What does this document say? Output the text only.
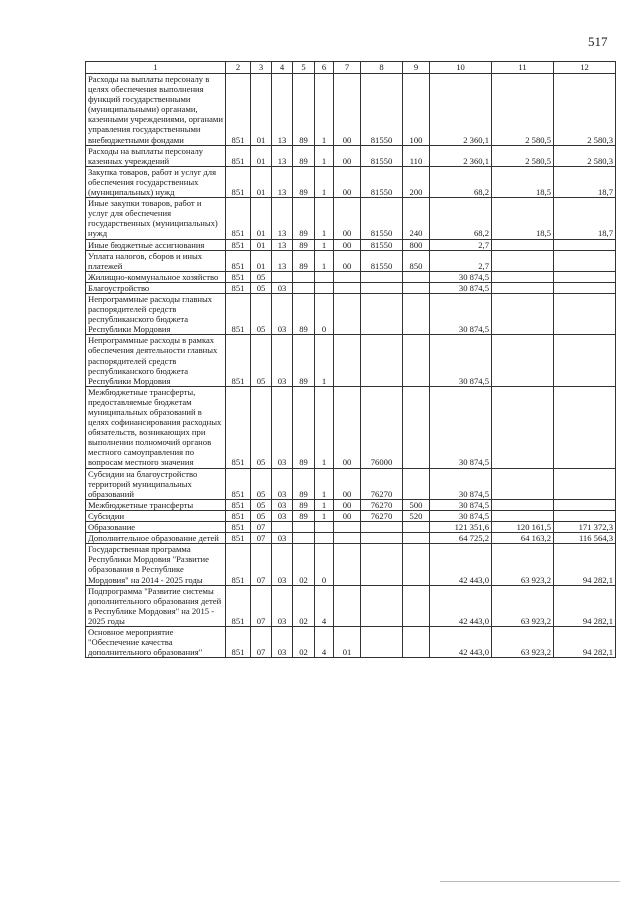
517
1	2	3	4	5	6	7	8	9	10	11	12
Расходы на выплаты персоналу в целях обеспечения выполнения функций государственными (муниципальными) органами, казенными учреждениями, органами управления государственными внебюджетными фондами	851	01	13	89	1	00	81550	100	2 360,1	2 580,5	2 580,3
Расходы на выплаты персоналу казенных учреждений	851	01	13	89	1	00	81550	110	2 360,1	2 580,5	2 580,3
Закупка товаров, работ и услуг для обеспечения государственных (муниципальных) нужд	851	01	13	89	1	00	81550	200	68,2	18,5	18,7
Иные закупки товаров, работ и услуг для обеспечения государственных (муниципальных) нужд	851	01	13	89	1	00	81550	240	68,2	18,5	18,7
Иные бюджетные ассигнования	851	01	13	89	1	00	81550	800	2,7		
Уплата налогов, сборов и иных платежей	851	01	13	89	1	00	81550	850	2,7		
Жилищно-коммунальное хозяйство	851	05							30 874,5		
Благоустройство	851	05	03						30 874,5		
Непрограммные расходы главных распорядителей средств республиканского бюджета Республики Мордовия	851	05	03	89	0				30 874,5		
Непрограммные расходы в рамках обеспечения деятельности главных распорядителей средств республиканского бюджета Республики Мордовия	851	05	03	89	1				30 874,5		
Межбюджетные трансферты, предоставляемые бюджетам муниципальных образований в целях софинансирования расходных обязательств, возникающих при выполнении полномочий органов местного самоуправления по вопросам местного значения	851	05	03	89	1	00	76000		30 874,5		
Субсидии на благоустройство территорий муниципальных образований	851	05	03	89	1	00	76270		30 874,5		
Межбюджетные трансферты	851	05	03	89	1	00	76270	500	30 874,5		
Субсидии	851	05	03	89	1	00	76270	520	30 874,5		
Образование	851	07							121 351,6	120 161,5	171 372,3
Дополнительное образование детей	851	07	03						64 725,2	64 163,2	116 564,3
Государственная программа Республики Мордовия "Развитие образования в Республике Мордовия" на 2014 - 2025 годы	851	07	03	02	0				42 443,0	63 923,2	94 282,1
Подпрограмма "Развитие системы дополнительного образования детей в Республике Мордовия" на 2015 - 2025 годы	851	07	03	02	4				42 443,0	63 923,2	94 282,1
Основное мероприятие "Обеспечение качества дополнительного образования"	851	07	03	02	4	01			42 443,0	63 923,2	94 282,1
